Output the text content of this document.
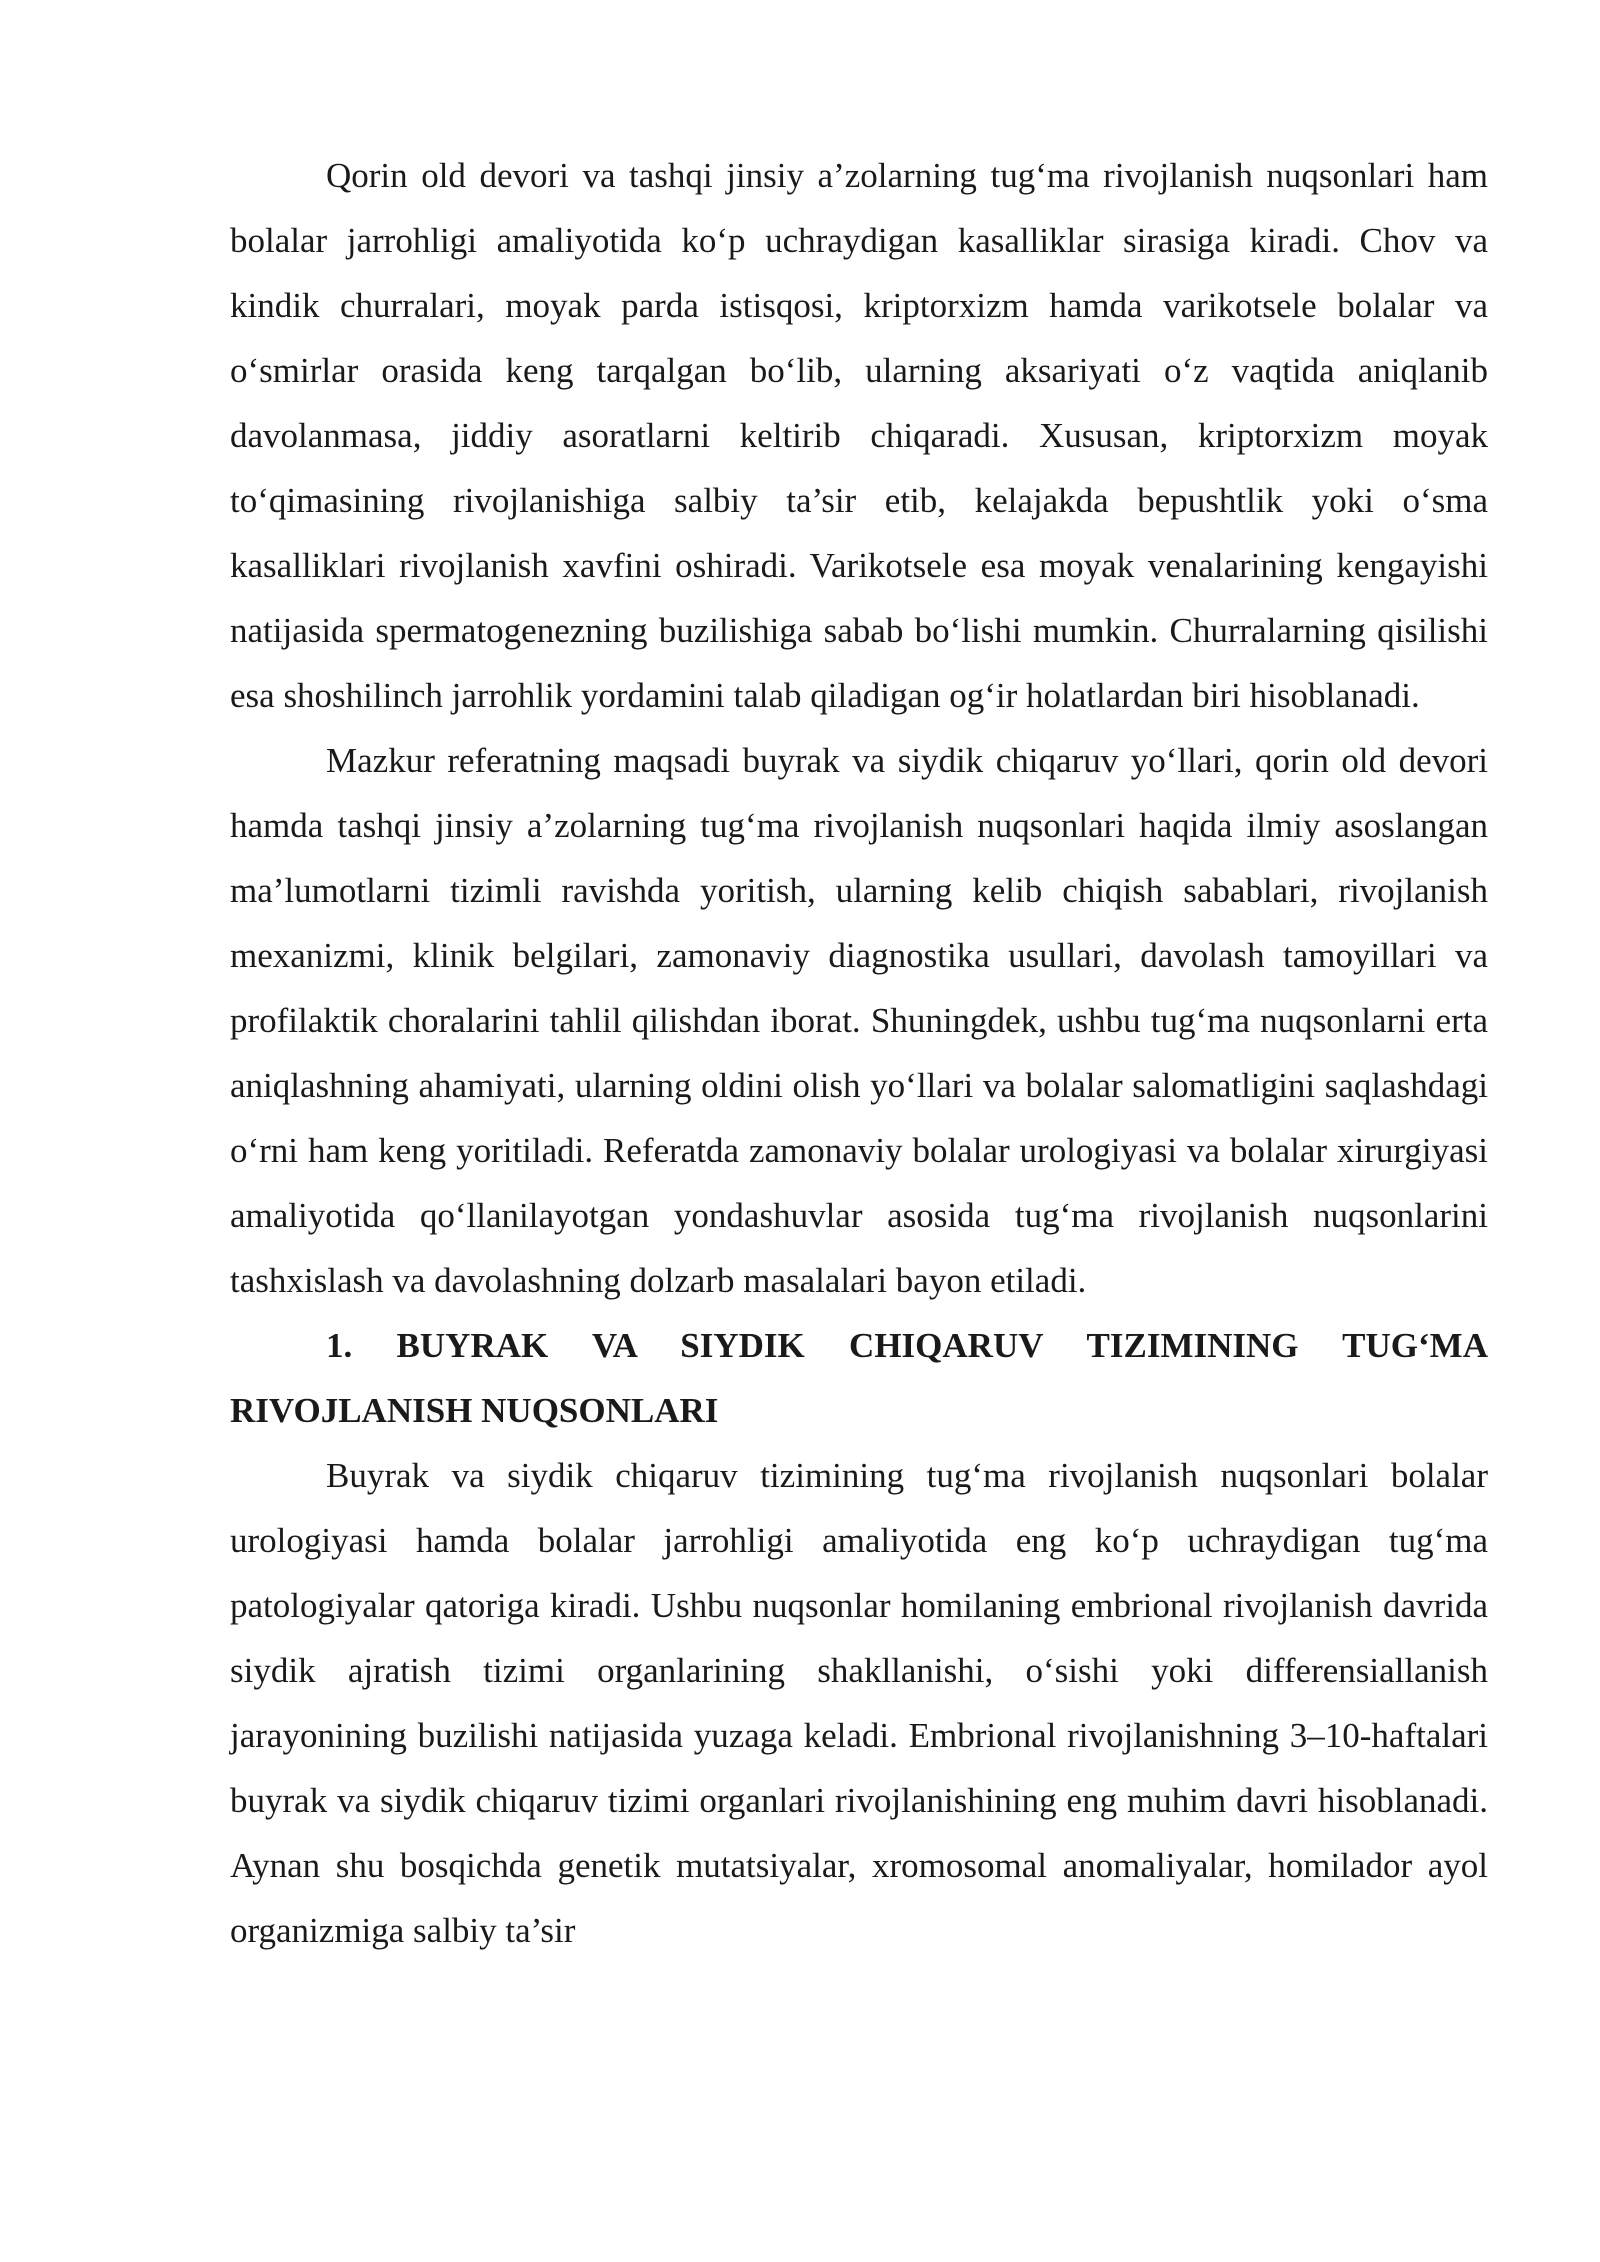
Qorin old devori va tashqi jinsiy a’zolarning tug‘ma rivojlanish nuqsonlari ham bolalar jarrohligi amaliyotida ko‘p uchraydigan kasalliklar sirasiga kiradi. Chov va kindik churralari, moyak parda istisqosi, kriptorxizm hamda varikotsele bolalar va o‘smirlar orasida keng tarqalgan bo‘lib, ularning aksariyati o‘z vaqtida aniqlanib davolanmasa, jiddiy asoratlarni keltirib chiqaradi. Xususan, kriptorxizm moyak to‘qimasining rivojlanishiga salbiy ta’sir etib, kelajakda bepushtlik yoki o‘sma kasalliklari rivojlanish xavfini oshiradi. Varikotsele esa moyak venalarining kengayishi natijasida spermatogenezning buzilishiga sabab bo‘lishi mumkin. Churralarning qisilishi esa shoshilinch jarrohlik yordamini talab qiladigan og‘ir holatlardan biri hisoblanadi.

Mazkur referatning maqsadi buyrak va siydik chiqaruv yo‘llari, qorin old devori hamda tashqi jinsiy a’zolarning tug‘ma rivojlanish nuqsonlari haqida ilmiy asoslangan ma’lumotlarni tizimli ravishda yoritish, ularning kelib chiqish sabablari, rivojlanish mexanizmi, klinik belgilari, zamonaviy diagnostika usullari, davolash tamoyillari va profilaktik choralarini tahlil qilishdan iborat. Shuningdek, ushbu tug‘ma nuqsonlarni erta aniqlashning ahamiyati, ularning oldini olish yo‘llari va bolalar salomatligini saqlashdagi o‘rni ham keng yoritiladi. Referatda zamonaviy bolalar urologiyasi va bolalar xirurgiyasi amaliyotida qo‘llanilayotgan yondashuvlar asosida tug‘ma rivojlanish nuqsonlarini tashxislash va davolashning dolzarb masalalari bayon etiladi.

1. BUYRAK VA SIYDIK CHIQARUV TIZIMINING TUG‘MA RIVOJLANISH NUQSONLARI

Buyrak va siydik chiqaruv tizimining tug‘ma rivojlanish nuqsonlari bolalar urologiyasi hamda bolalar jarrohligi amaliyotida eng ko‘p uchraydigan tug‘ma patologiyalar qatoriga kiradi. Ushbu nuqsonlar homilaning embrional rivojlanish davrida siydik ajratish tizimi organlarining shakllanishi, o‘sishi yoki differensiallanish jarayonining buzilishi natijasida yuzaga keladi. Embrional rivojlanishning 3–10-haftalari buyrak va siydik chiqaruv tizimi organlari rivojlanishining eng muhim davri hisoblanadi. Aynan shu bosqichda genetik mutatsiyalar, xromosomal anomaliyalar, homilador ayol organizmiga salbiy ta’sir
